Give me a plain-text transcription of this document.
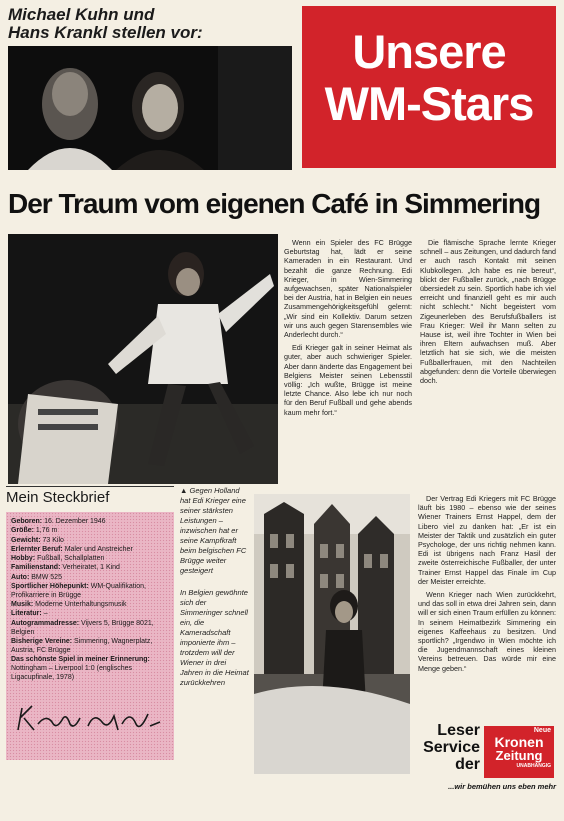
Michael Kuhn und
Hans Krankl stellen vor:	Unsere
WM-Stars
Der Traum vom eigenen Café in Simmering

Wenn ein Spieler des FC Brügge Geburtstag hat, lädt er seine Kameraden in ein Restaurant. Und bezahlt die ganze Rechnung. Edi Krieger, in Wien-Simmering aufgewachsen, später Nationalspieler bei der Austria, hat in Belgien ein neues Zusammengehörigkeitsgefühl gelernt: „Wir sind ein Kollektiv. Darum setzen wir uns auch gegen Starensembles wie Anderlecht durch.“

Edi Krieger galt in seiner Heimat als guter, aber auch schwieriger Spieler. Aber dann änderte das Engagement bei Belgiens Meister seinen Lebensstil völlig: „Ich wußte, Brügge ist meine letzte Chance. Also lebe ich nur noch für den Beruf Fußball und gehe abends kaum mehr fort.“

Die flämische Sprache lernte Krieger schnell – aus Zeitungen, und dadurch fand er auch rasch Kontakt mit seinen Klubkollegen. „Ich habe es nie bereut“, blickt der Fußballer zurück, „nach Brügge übersiedelt zu sein. Sportlich habe ich viel erreicht und finanziell geht es mir auch nicht schlecht.“ Nicht begeistert vom Zigeunerleben des Berufsfußballers ist Frau Krieger: Weil ihr Mann selten zu Hause ist, weil ihre Tochter in Wien bei ihren Eltern aufwachsen muß. Aber letztlich hat sie sich, wie die meisten Fußballerfrauen, mit den Nachteilen abgefunden: denn die Vorteile überwiegen doch.

Mein Steckbrief
Geboren: 16. Dezember 1946
Größe: 1,76 m
Gewicht: 73 Kilo
Erlernter Beruf: Maler und Anstreicher
Hobby: Fußball, Schallplatten
Familienstand: Verheiratet, 1 Kind
Auto: BMW 525
Sportlicher Höhepunkt: WM-Qualifikation, Profikarriere in Brügge
Musik: Moderne Unterhaltungsmusik
Literatur: –
Autogrammadresse: Vijvers 5, Brügge 8021, Belgien
Bisherige Vereine: Simmering, Wagnerplatz, Austria, FC Brügge
Das schönste Spiel in meiner Erinnerung: Nottingham – Liverpool 1:0 (englisches Ligacupfinale, 1978)
▲ Gegen Holland hat Edi Krieger eine seiner stärksten Leistungen – inzwischen hat er seine Kampfkraft beim belgischen FC Brügge weiter gesteigert
In Belgien gewöhnte sich der Simmeringer schnell ein, die Kameradschaft imponierte ihm – trotzdem will der Wiener in drei Jahren in die Heimat zurückkehren

Der Vertrag Edi Kriegers mit FC Brügge läuft bis 1980 – ebenso wie der seines Wiener Trainers Ernst Happel, dem der Libero viel zu danken hat: „Er ist ein Meister der Taktik und zusätzlich ein guter Psychologe, der uns richtig nehmen kann. Edi ist übrigens nach Franz Hasil der zweite österreichische Fußballer, der unter Trainer Ernst Happel das Finale im Cup der Meister erreichte.

Wenn Krieger nach Wien zurückkehrt, und das soll in etwa drei Jahren sein, dann will er sich einen Traum erfüllen zu können: In seinem Heimatbezirk Simmering ein eigenes Kaffeehaus zu besitzen. Und sportlich? „Irgendwo in Wien möchte ich die Jugendmannschaft eines kleinen Vereins betreuen. Das würde mir eine Menge geben.“

Leser
Service
der
Neue
Kronen
Zeitung
UNABHÄNGIG
...wir bemühen uns eben mehr
